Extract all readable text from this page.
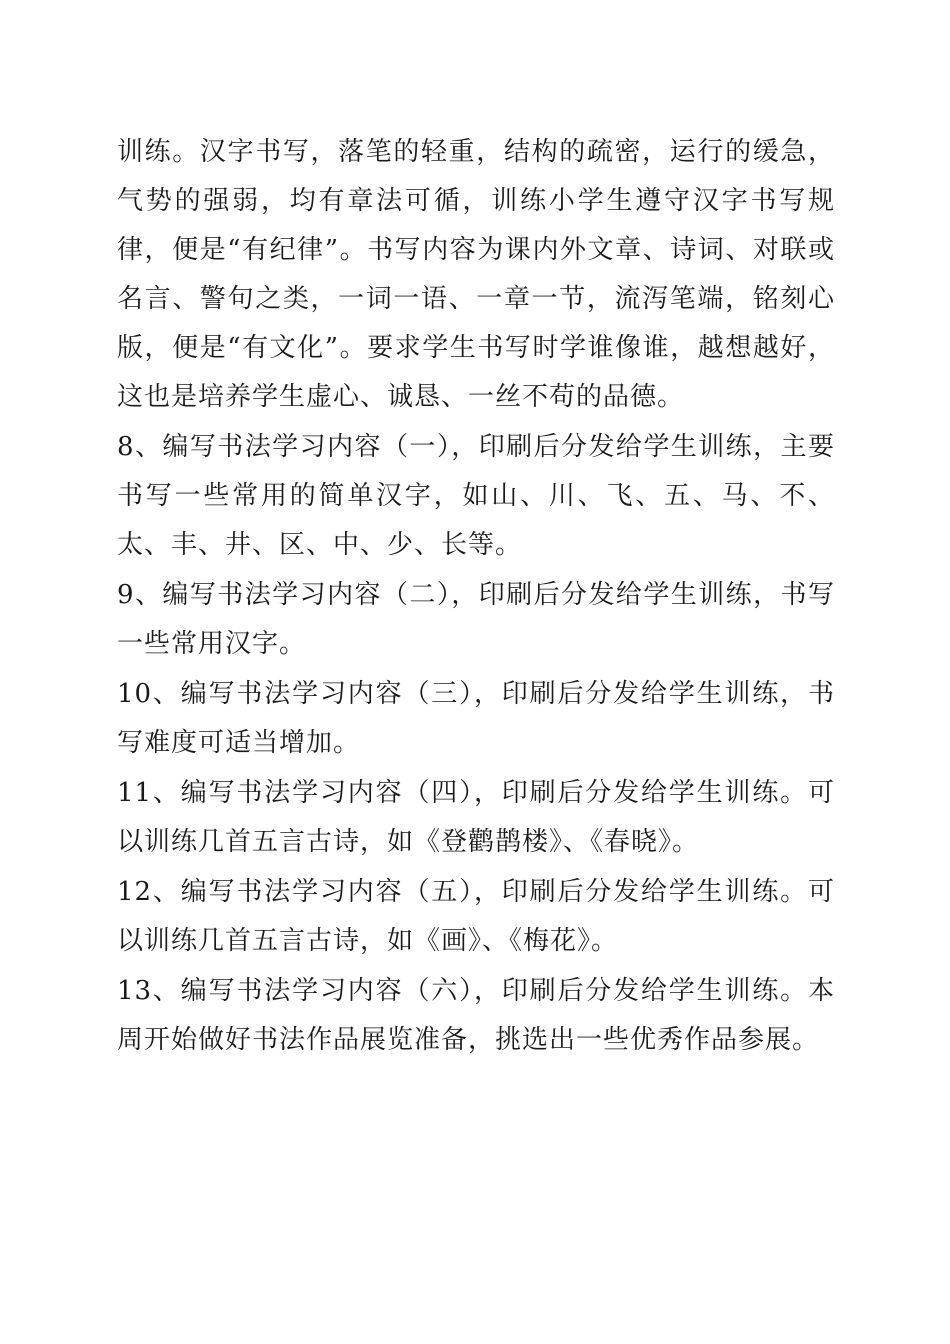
训练。汉字书写，落笔的轻重，结构的疏密，运行的缓急，气势的强弱，均有章法可循，训练小学生遵守汉字书写规律，便是“有纪律”。书写内容为课内外文章、诗词、对联或名言、警句之类，一词一语、一章一节，流泻笔端，铭刻心版，便是“有文化”。要求学生书写时学谁像谁，越想越好，这也是培养学生虚心、诚恳、一丝不苟的品德。

8、编写书法学习内容（一），印刷后分发给学生训练，主要书写一些常用的简单汉字，如山、川、飞、五、马、不、太、丰、井、区、中、少、长等。

9、编写书法学习内容（二），印刷后分发给学生训练，书写一些常用汉字。

10、编写书法学习内容（三），印刷后分发给学生训练，书写难度可适当增加。

11、编写书法学习内容（四），印刷后分发给学生训练。可以训练几首五言古诗，如《登鹳鹊楼》、《春晓》。

12、编写书法学习内容（五），印刷后分发给学生训练。可以训练几首五言古诗，如《画》、《梅花》。

13、编写书法学习内容（六），印刷后分发给学生训练。本周开始做好书法作品展览准备，挑选出一些优秀作品参展。
